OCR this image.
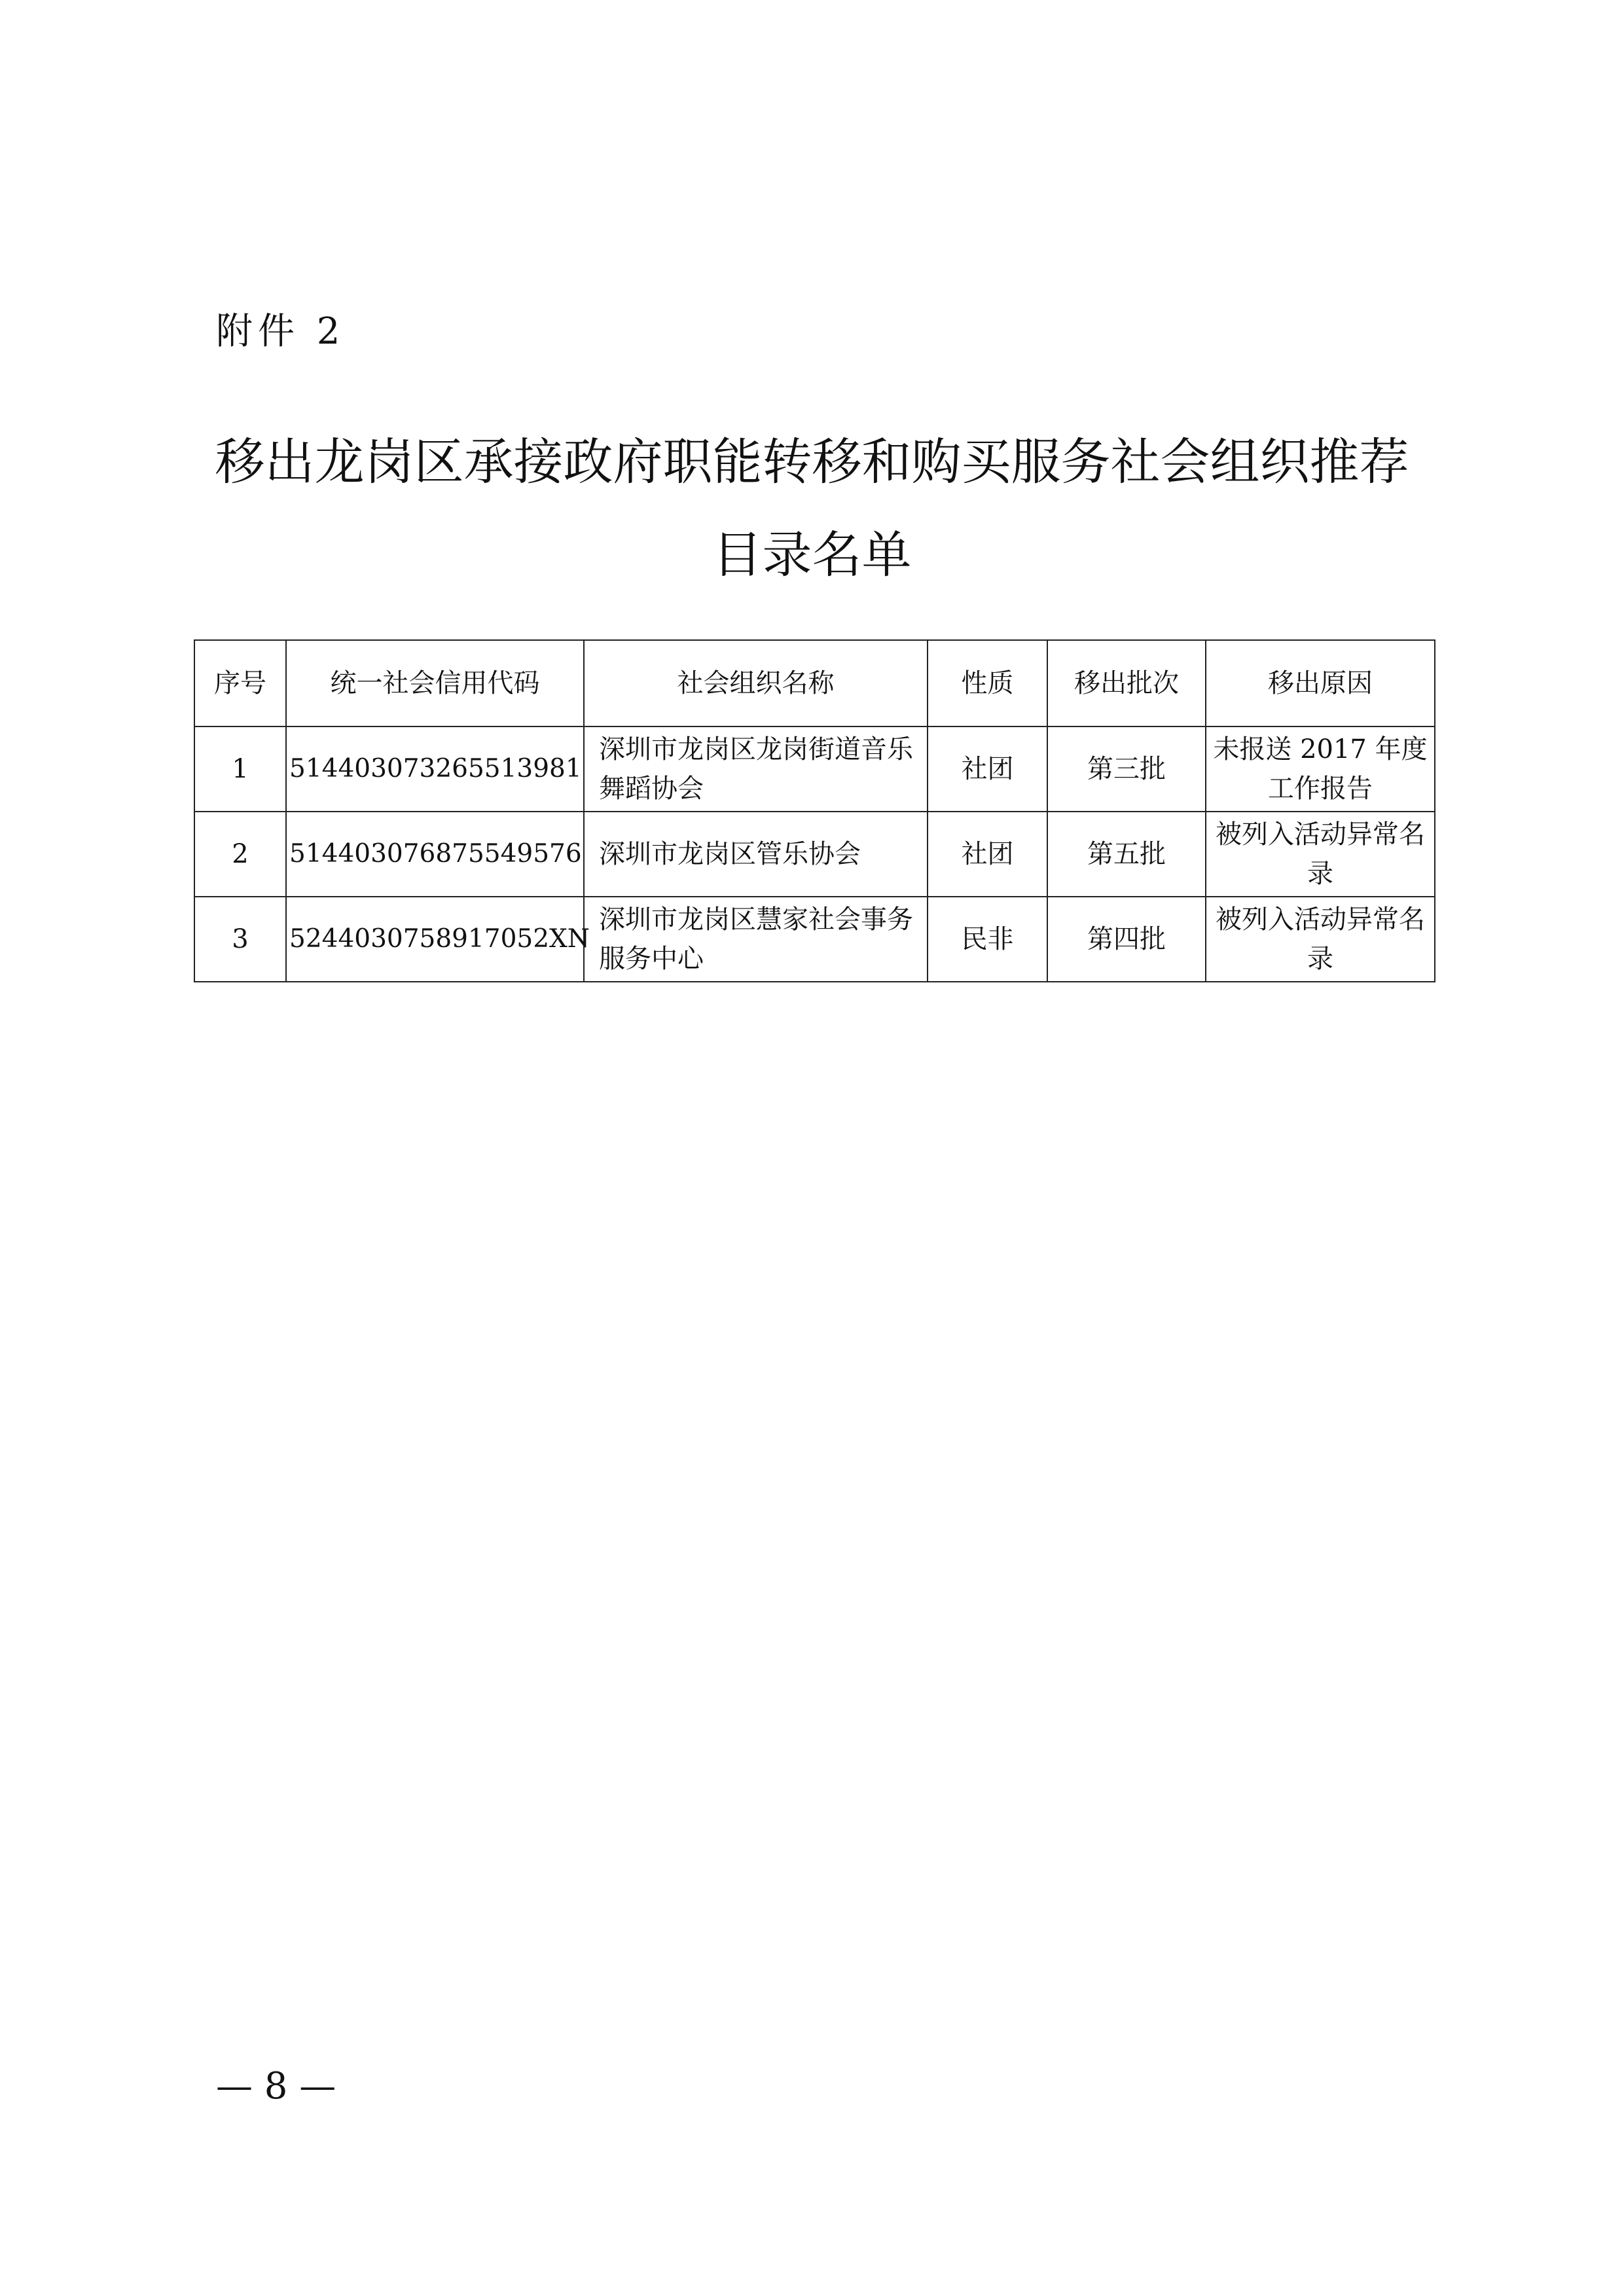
附件 2
移出龙岗区承接政府职能转移和购买服务社会组织推荐
目录名单
序号	统一社会信用代码	社会组织名称	性质	移出批次	移出原因
1	514403073265513981	深圳市龙岗区龙岗街道音乐舞蹈协会	社团	第三批	未报送 2017 年度工作报告
2	514403076875549576	深圳市龙岗区管乐协会	社团	第五批	被列入活动异常名录
3	5244030758917052XN	深圳市龙岗区慧家社会事务服务中心	民非	第四批	被列入活动异常名录
— 8 —
